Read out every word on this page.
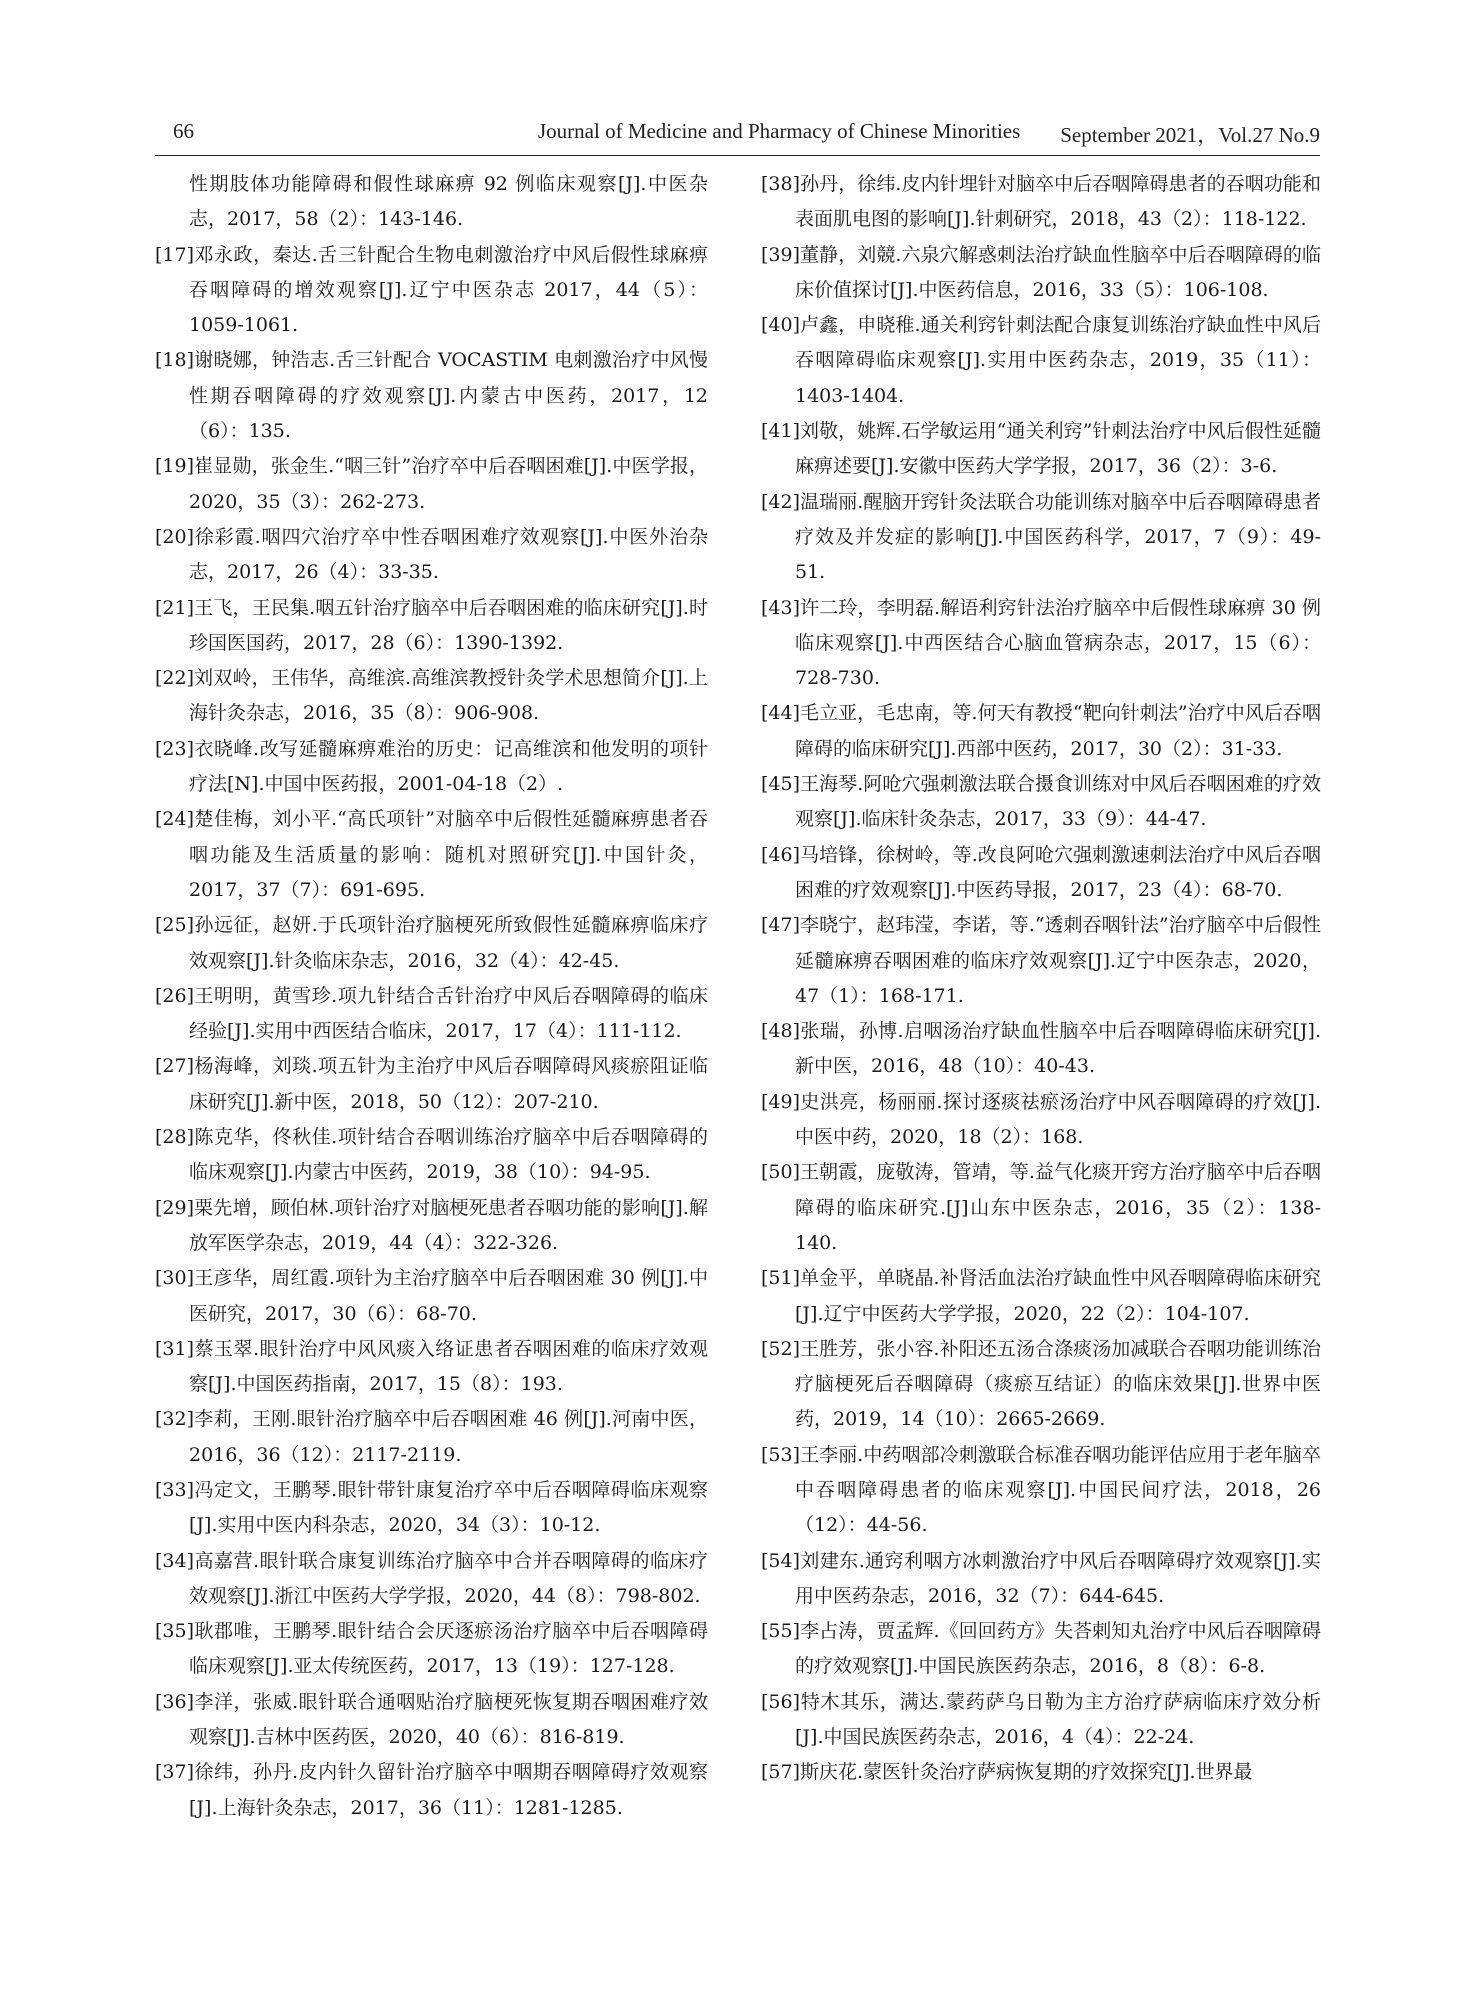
66	Journal of Medicine and Pharmacy of Chinese Minorities September 2021，Vol.27 No.9

性期肢体功能障碍和假性球麻痹 92 例临床观察[J].中医杂志，2017，58（2）：143-146.

[17]邓永政，秦达.舌三针配合生物电刺激治疗中风后假性球麻痹吞咽障碍的增效观察[J].辽宁中医杂志 2017，44（5）：1059-1061.

[18]谢晓娜，钟浩志.舌三针配合 VOCASTIM 电刺激治疗中风慢性期吞咽障碍的疗效观察[J].内蒙古中医药，2017，12（6）：135.

[19]崔显勋，张金生.“咽三针”治疗卒中后吞咽困难[J].中医学报，2020，35（3）：262-273.

[20]徐彩霞.咽四穴治疗卒中性吞咽困难疗效观察[J].中医外治杂志，2017，26（4）：33-35.

[21]王飞，王民集.咽五针治疗脑卒中后吞咽困难的临床研究[J].时珍国医国药，2017，28（6）：1390-1392.

[22]刘双岭，王伟华，高维滨.高维滨教授针灸学术思想简介[J].上海针灸杂志，2016，35（8）：906-908.

[23]衣晓峰.改写延髓麻痹难治的历史：记高维滨和他发明的项针疗法[N].中国中医药报，2001-04-18（2）.

[24]楚佳梅，刘小平.“高氏项针”对脑卒中后假性延髓麻痹患者吞咽功能及生活质量的影响：随机对照研究[J].中国针灸，2017，37（7）：691-695.

[25]孙远征，赵妍.于氏项针治疗脑梗死所致假性延髓麻痹临床疗效观察[J].针灸临床杂志，2016，32（4）：42-45.

[26]王明明，黄雪珍.项九针结合舌针治疗中风后吞咽障碍的临床经验[J].实用中西医结合临床，2017，17（4）：111-112.

[27]杨海峰，刘琰.项五针为主治疗中风后吞咽障碍风痰瘀阻证临床研究[J].新中医，2018，50（12）：207-210.

[28]陈克华，佟秋佳.项针结合吞咽训练治疗脑卒中后吞咽障碍的临床观察[J].内蒙古中医药，2019，38（10）：94-95.

[29]栗先增，顾伯林.项针治疗对脑梗死患者吞咽功能的影响[J].解放军医学杂志，2019，44（4）：322-326.

[30]王彦华，周红霞.项针为主治疗脑卒中后吞咽困难 30 例[J].中医研究，2017，30（6）：68-70.

[31]蔡玉翠.眼针治疗中风风痰入络证患者吞咽困难的临床疗效观察[J].中国医药指南，2017，15（8）：193.

[32]李莉，王刚.眼针治疗脑卒中后吞咽困难 46 例[J].河南中医，2016，36（12）：2117-2119.

[33]冯定文，王鹏琴.眼针带针康复治疗卒中后吞咽障碍临床观察[J].实用中医内科杂志，2020，34（3）：10-12.

[34]高嘉营.眼针联合康复训练治疗脑卒中合并吞咽障碍的临床疗效观察[J].浙江中医药大学学报，2020，44（8）：798-802.

[35]耿郡唯，王鹏琴.眼针结合会厌逐瘀汤治疗脑卒中后吞咽障碍临床观察[J].亚太传统医药，2017，13（19）：127-128.

[36]李洋，张威.眼针联合通咽贴治疗脑梗死恢复期吞咽困难疗效观察[J].吉林中医药医，2020，40（6）：816-819.

[37]徐纬，孙丹.皮内针久留针治疗脑卒中咽期吞咽障碍疗效观察[J].上海针灸杂志，2017，36（11）：1281-1285.

[38]孙丹，徐纬.皮内针埋针对脑卒中后吞咽障碍患者的吞咽功能和表面肌电图的影响[J].针刺研究，2018，43（2）：118-122.

[39]董静，刘競.六泉穴解惑刺法治疗缺血性脑卒中后吞咽障碍的临床价值探讨[J].中医药信息，2016，33（5）：106-108.

[40]卢鑫，申晓稚.通关利窍针刺法配合康复训练治疗缺血性中风后吞咽障碍临床观察[J].实用中医药杂志，2019，35（11）：1403-1404.

[41]刘敬，姚辉.石学敏运用“通关利窍”针刺法治疗中风后假性延髓麻痹述要[J].安徽中医药大学学报，2017，36（2）：3-6.

[42]温瑞丽.醒脑开窍针灸法联合功能训练对脑卒中后吞咽障碍患者疗效及并发症的影响[J].中国医药科学，2017，7（9）：49-51.

[43]许二玲，李明磊.解语利窍针法治疗脑卒中后假性球麻痹 30 例临床观察[J].中西医结合心脑血管病杂志，2017，15（6）：728-730.

[44]毛立亚，毛忠南，等.何天有教授“靶向针刺法”治疗中风后吞咽障碍的临床研究[J].西部中医药，2017，30（2）：31-33.

[45]王海琴.阿呛穴强刺激法联合摄食训练对中风后吞咽困难的疗效观察[J].临床针灸杂志，2017，33（9）：44-47.

[46]马培锋，徐树岭，等.改良阿呛穴强刺激速刺法治疗中风后吞咽困难的疗效观察[J].中医药导报，2017，23（4）：68-70.

[47]李晓宁，赵玮滢，李诺，等.“透刺吞咽针法”治疗脑卒中后假性延髓麻痹吞咽困难的临床疗效观察[J].辽宁中医杂志，2020，47（1）：168-171.

[48]张瑞，孙博.启咽汤治疗缺血性脑卒中后吞咽障碍临床研究[J].新中医，2016，48（10）：40-43.

[49]史洪亮，杨丽丽.探讨逐痰祛瘀汤治疗中风吞咽障碍的疗效[J].中医中药，2020，18（2）：168.

[50]王朝霞，庞敬涛，管靖，等.益气化痰开窍方治疗脑卒中后吞咽障碍的临床研究.[J]山东中医杂志，2016，35（2）：138-140.

[51]单金平，单晓晶.补肾活血法治疗缺血性中风吞咽障碍临床研究[J].辽宁中医药大学学报，2020，22（2）：104-107.

[52]王胜芳，张小容.补阳还五汤合涤痰汤加减联合吞咽功能训练治疗脑梗死后吞咽障碍（痰瘀互结证）的临床效果[J].世界中医药，2019，14（10）：2665-2669.

[53]王李丽.中药咽部冷刺激联合标准吞咽功能评估应用于老年脑卒中吞咽障碍患者的临床观察[J].中国民间疗法，2018，26（12）：44-56.

[54]刘建东.通窍利咽方冰刺激治疗中风后吞咽障碍疗效观察[J].实用中医药杂志，2016，32（7）：644-645.

[55]李占涛，贾孟辉.《回回药方》失荅剌知丸治疗中风后吞咽障碍的疗效观察[J].中国民族医药杂志，2016，8（8）：6-8.

[56]特木其乐，满达.蒙药萨乌日勒为主方治疗萨病临床疗效分析[J].中国民族医药杂志，2016，4（4）：22-24.

[57]斯庆花.蒙医针灸治疗萨病恢复期的疗效探究[J].世界最
